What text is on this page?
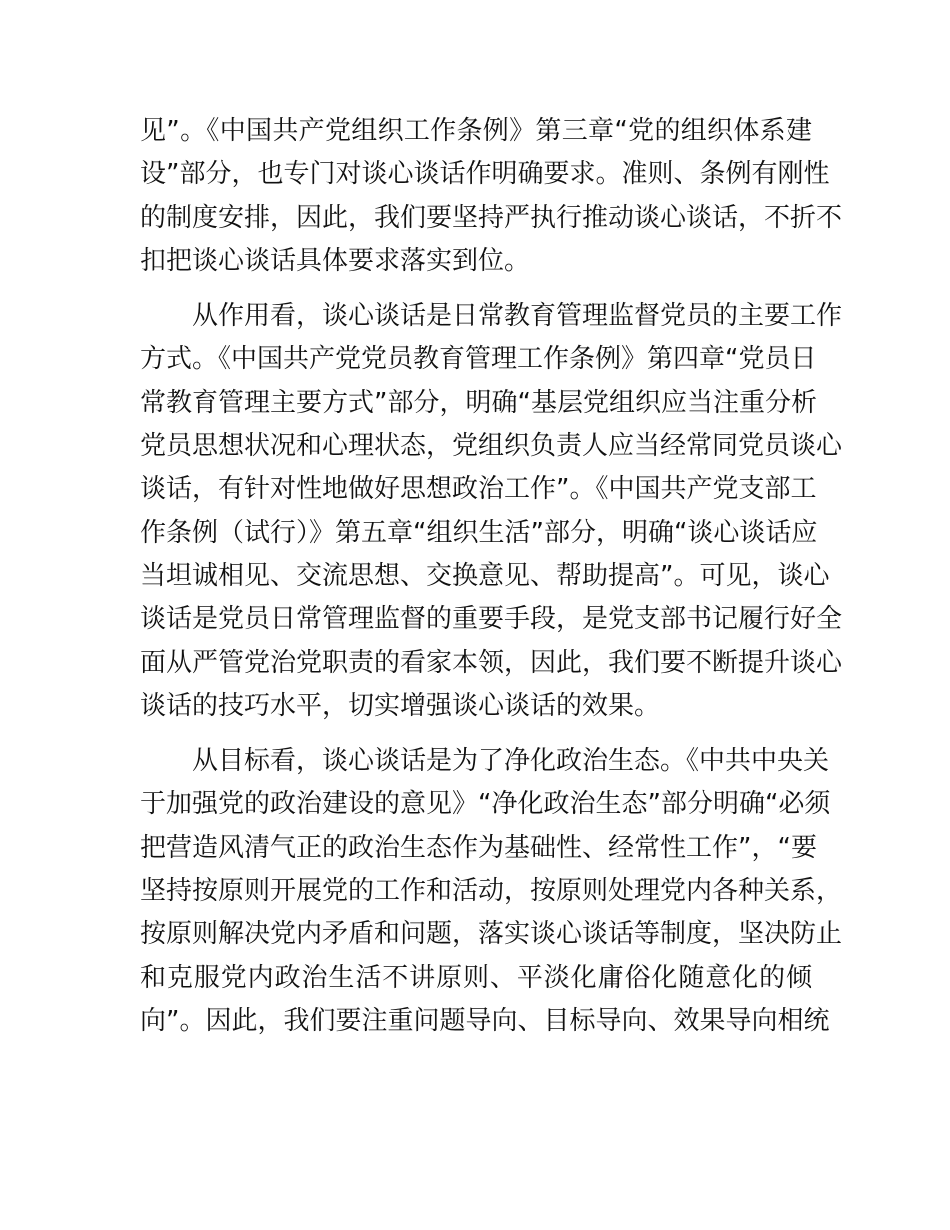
见”。《中国共产党组织工作条例》第三章“党的组织体系建
设”部分，也专门对谈心谈话作明确要求。准则、条例有刚性
的制度安排，因此，我们要坚持严执行推动谈心谈话，不折不
扣把谈心谈话具体要求落实到位。

从作用看，谈心谈话是日常教育管理监督党员的主要工作
方式。《中国共产党党员教育管理工作条例》第四章“党员日
常教育管理主要方式”部分，明确“基层党组织应当注重分析
党员思想状况和心理状态，党组织负责人应当经常同党员谈心
谈话，有针对性地做好思想政治工作”。《中国共产党支部工
作条例（试行）》第五章“组织生活”部分，明确“谈心谈话应
当坦诚相见、交流思想、交换意见、帮助提高”。可见，谈心
谈话是党员日常管理监督的重要手段，是党支部书记履行好全
面从严管党治党职责的看家本领，因此，我们要不断提升谈心
谈话的技巧水平，切实增强谈心谈话的效果。

从目标看，谈心谈话是为了净化政治生态。《中共中央关
于加强党的政治建设的意见》“净化政治生态”部分明确“必须
把营造风清气正的政治生态作为基础性、经常性工作”，“要
坚持按原则开展党的工作和活动，按原则处理党内各种关系，
按原则解决党内矛盾和问题，落实谈心谈话等制度，坚决防止
和克服党内政治生活不讲原则、平淡化庸俗化随意化的倾
向”。因此，我们要注重问题导向、目标导向、效果导向相统
